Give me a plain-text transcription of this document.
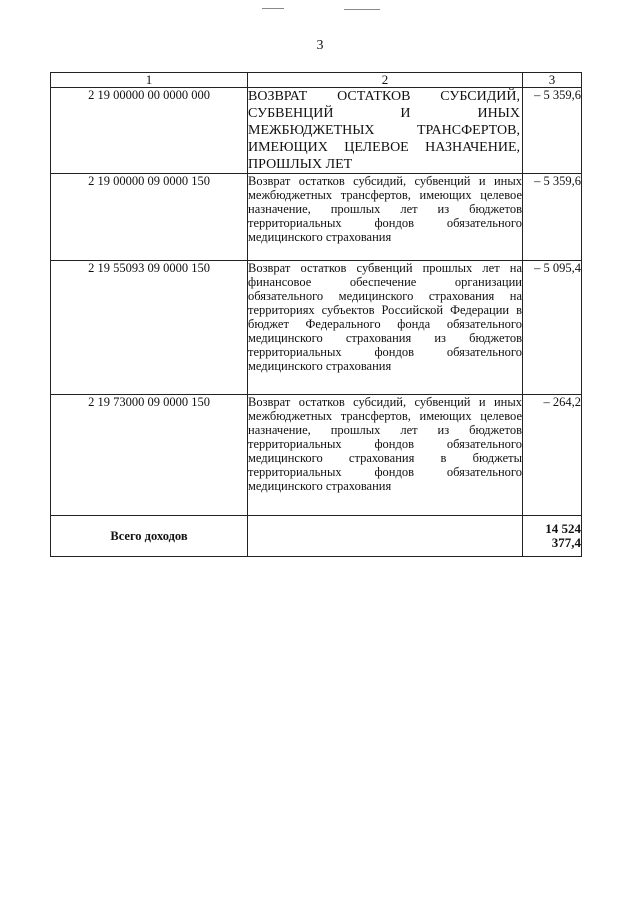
3
1	2	3
2 19 00000 00 0000 000	ВОЗВРАТ ОСТАТКОВ СУБСИДИЙ, СУБВЕНЦИЙ И ИНЫХ МЕЖБЮДЖЕТНЫХ ТРАНСФЕРТОВ, ИМЕЮЩИХ ЦЕЛЕВОЕ НАЗНАЧЕНИЕ, ПРОШЛЫХ ЛЕТ	– 5 359,6
2 19 00000 09 0000 150	Возврат остатков субсидий, субвенций и иных межбюджетных трансфертов, имеющих целевое назначение, прошлых лет из бюджетов территориальных фондов обязательного медицинского страхования	– 5 359,6
2 19 55093 09 0000 150	Возврат остатков субвенций прошлых лет на финансовое обеспечение организации обязательного медицинского страхования на территориях субъектов Российской Федерации в бюджет Федерального фонда обязательного медицинского страхования из бюджетов территориальных фондов обязательного медицинского страхования	– 5 095,4
2 19 73000 09 0000 150	Возврат остатков субсидий, субвенций и иных межбюджетных трансфертов, имеющих целевое назначение, прошлых лет из бюджетов территориальных фондов обязательного медицинского страхования в бюджеты территориальных фондов обязательного медицинского страхования	– 264,2
Всего доходов		14 524 377,4
